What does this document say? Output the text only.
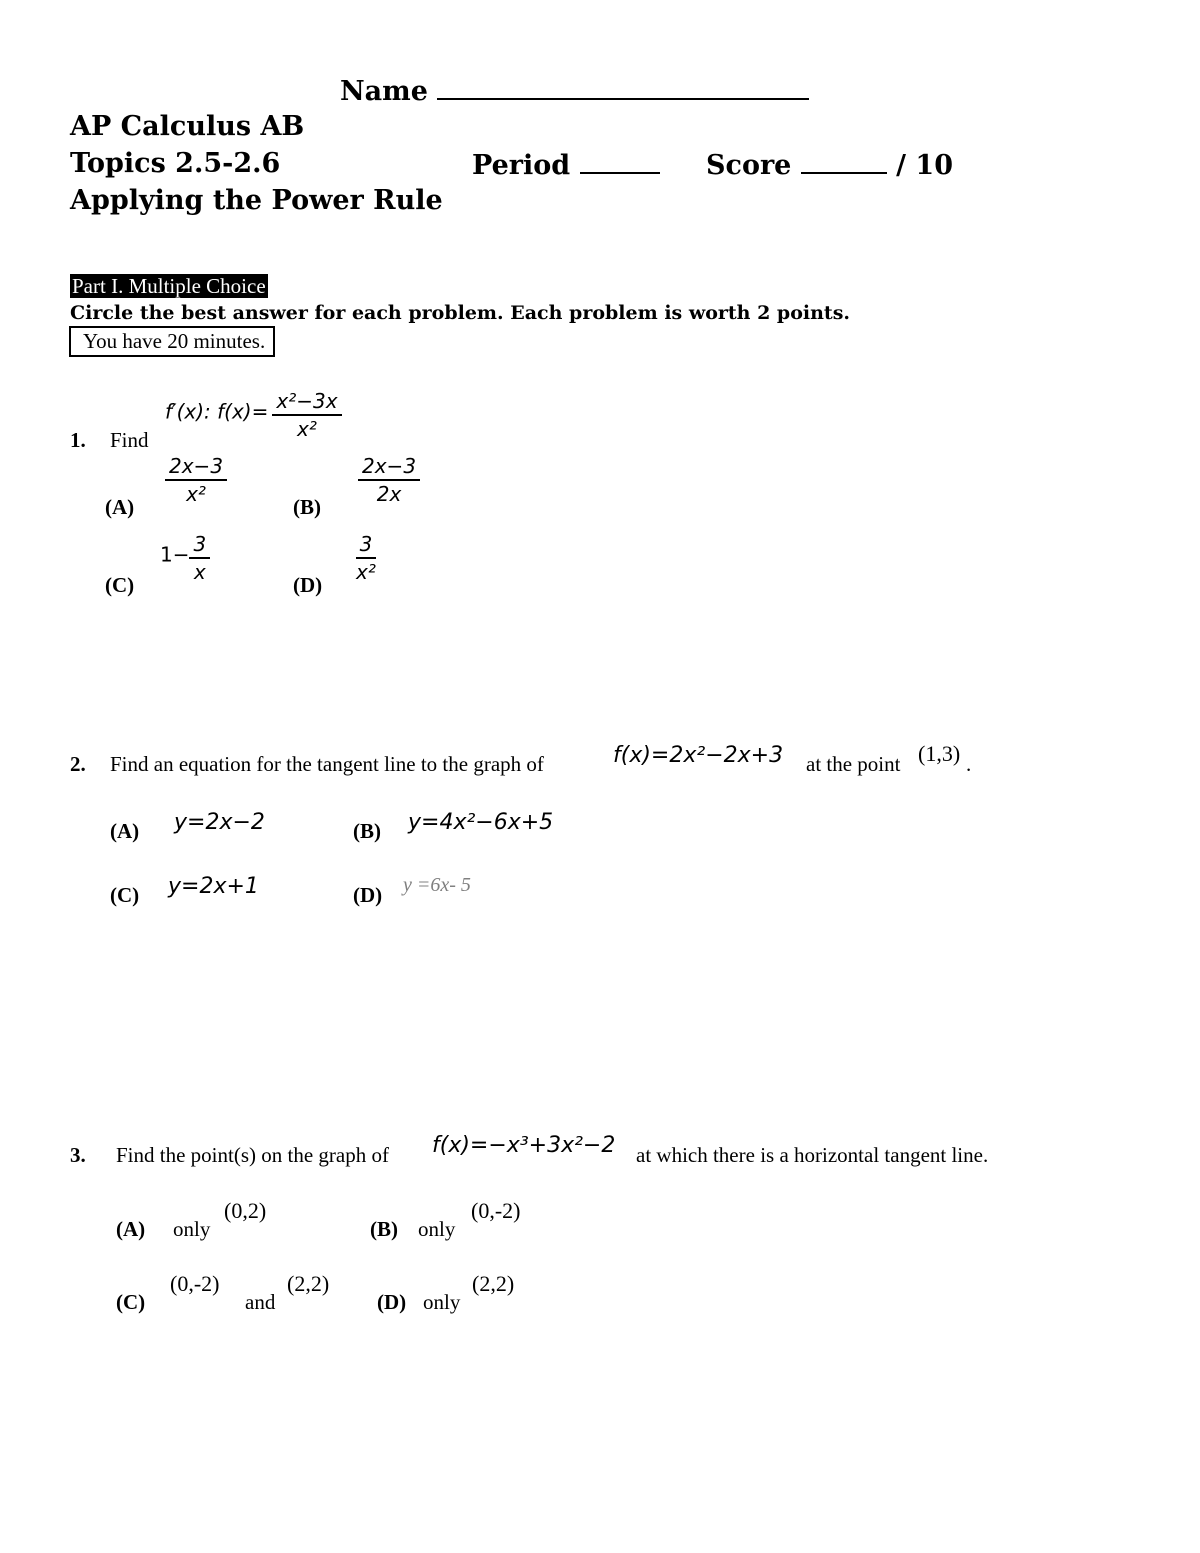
Name
AP Calculus AB
Topics 2.5-2.6	Period	Score	/ 10
Applying the Power Rule
Part I. Multiple Choice
Circle the best answer for each problem. Each problem is worth 2 points.
You have 20 minutes.
1. Find
f′(x): $f(x)= \frac{\text{x²−3x}}{\text{x²}}$
(A)
$\frac{2x-3}{\text{x²}}$
(B)
$\frac{2x-3}{2x}$
(C)
$1- \frac{3}{x}$
(D)
$\frac{3}{\text{x²}}$
2. Find an equation for the tangent line to the graph of	f(x)=2x²−2x+3 at the point (1,3) .
(A) y=2x−2	(B) y=4x²−6x+5
(C) y=2x+1	(D) y =6x- 5
3. Find the point(s) on the graph of f(x)=−x³+3x²−2 at which there is a horizontal tangent line.
(A) only
(0,2)
(B) only
(0,-2)
(C)
(0,-2)
and
(2,2)
(D) only
(2,2)
